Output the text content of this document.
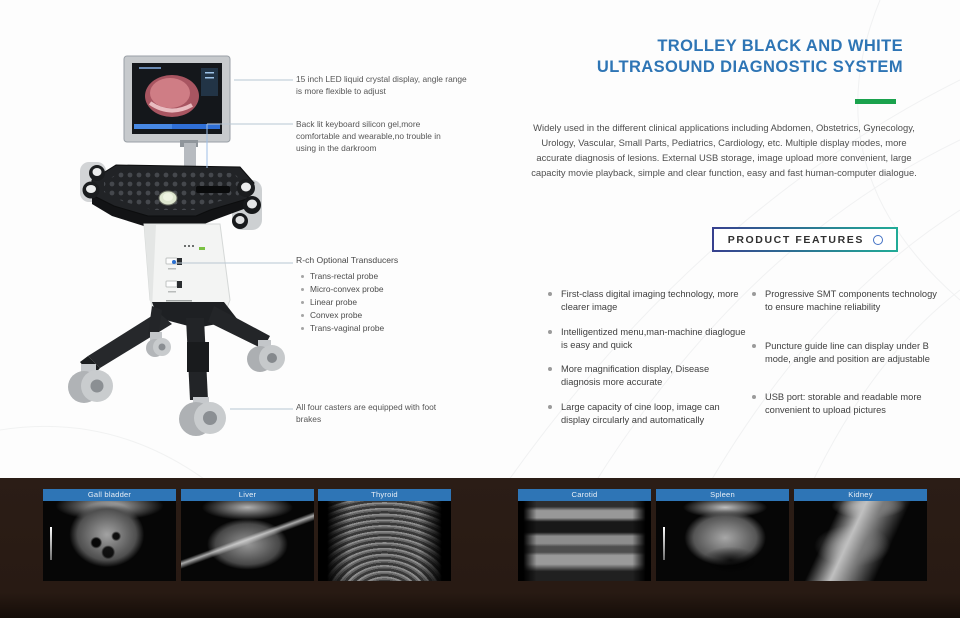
TROLLEY BLACK AND WHITE
ULTRASOUND DIAGNOSTIC SYSTEM
Widely used in the different clinical applications including Abdomen, Obstetrics, Gynecology, Urology, Vascular, Small Parts, Pediatrics, Cardiology, etc. Multiple display modes, more accurate diagnosis of lesions. External USB storage, image upload more convenient, large capacity movie playback, simple and clear function, easy and fast human-computer dialogue.
PRODUCT FEATURES
First-class digital imaging technology, more clearer image
Intelligentized menu,man-machine diaglogue is easy and quick
More magnification display, Disease diagnosis more accurate
Large capacity of cine loop, image can display circularly and automatically
Progressive SMT components technology to ensure machine reliability
Puncture guide line can display under B mode, angle and position are adjustable
USB port: storable and readable more convenient to upload pictures
15 inch LED liquid crystal display, angle range is more flexible to adjust
Back lit keyboard silicon gel,more comfortable and wearable,no trouble in using in the darkroom
R-ch Optional Transducers
Trans-rectal probe
Micro-convex probe
Linear probe
Convex probe
Trans-vaginal probe
All four casters are equipped with foot brakes
Gall bladder	Liver	Thyroid	Carotid	Spleen	Kidney
